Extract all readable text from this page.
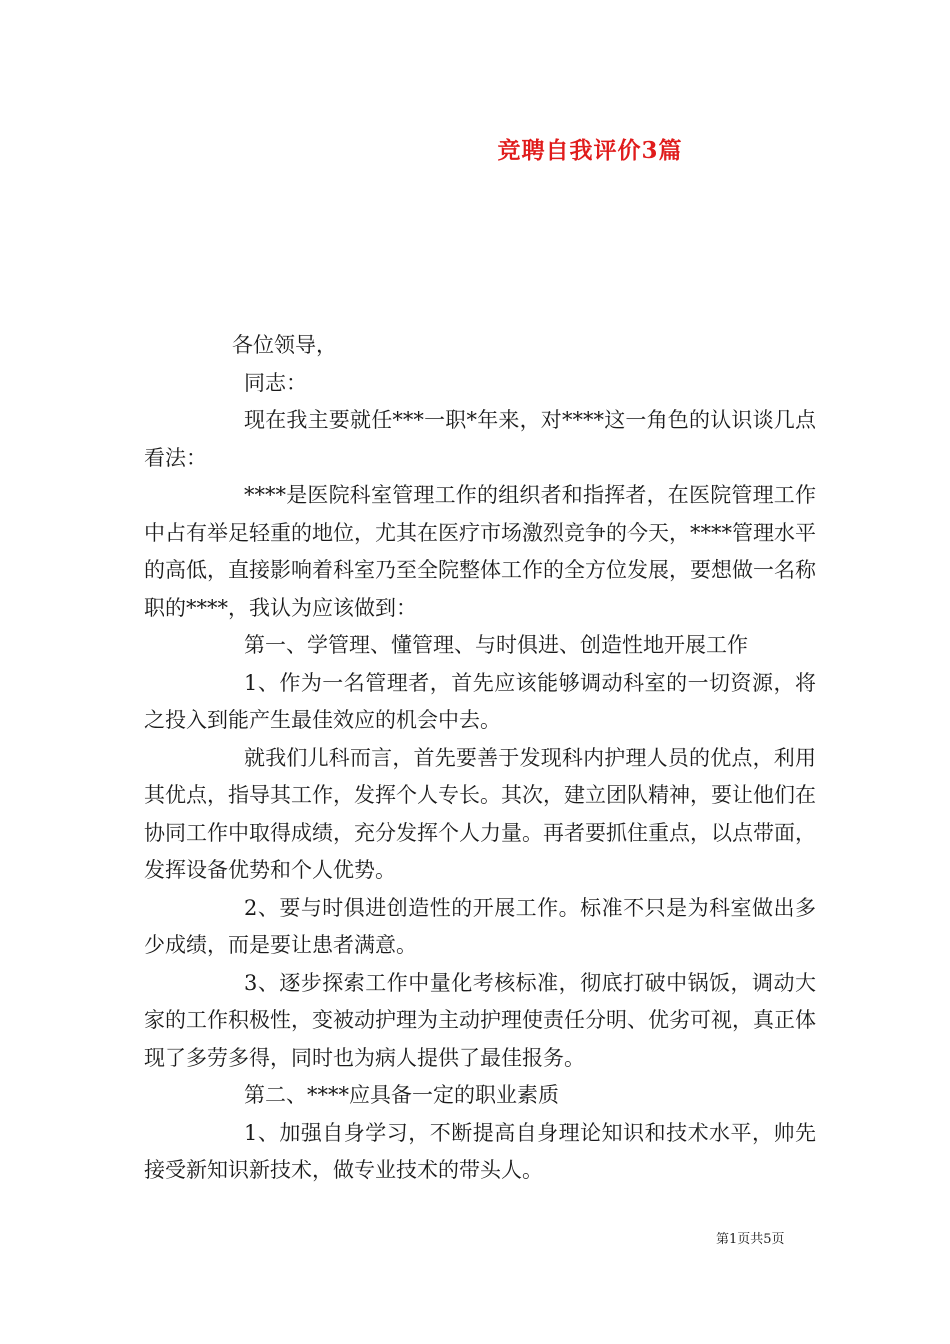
竞聘自我评价3篇

各位领导，

同志：

现在我主要就任***一职*年来，对****这一角色的认识谈几点看法：

****是医院科室管理工作的组织者和指挥者，在医院管理工作中占有举足轻重的地位，尤其在医疗市场激烈竞争的今天，****管理水平的高低，直接影响着科室乃至全院整体工作的全方位发展，要想做一名称职的****，我认为应该做到：

第一、学管理、懂管理、与时俱进、创造性地开展工作

1、作为一名管理者，首先应该能够调动科室的一切资源，将之投入到能产生最佳效应的机会中去。

就我们儿科而言，首先要善于发现科内护理人员的优点，利用其优点，指导其工作，发挥个人专长。其次，建立团队精神，要让他们在协同工作中取得成绩，充分发挥个人力量。再者要抓住重点，以点带面，发挥设备优势和个人优势。

2、要与时俱进创造性的开展工作。标准不只是为科室做出多少成绩，而是要让患者满意。

3、逐步探索工作中量化考核标准，彻底打破中锅饭，调动大家的工作积极性，变被动护理为主动护理使责任分明、优劣可视，真正体现了多劳多得，同时也为病人提供了最佳报务。

第二、****应具备一定的职业素质

1、加强自身学习，不断提高自身理论知识和技术水平，帅先接受新知识新技术，做专业技术的带头人。

第1页共5页
